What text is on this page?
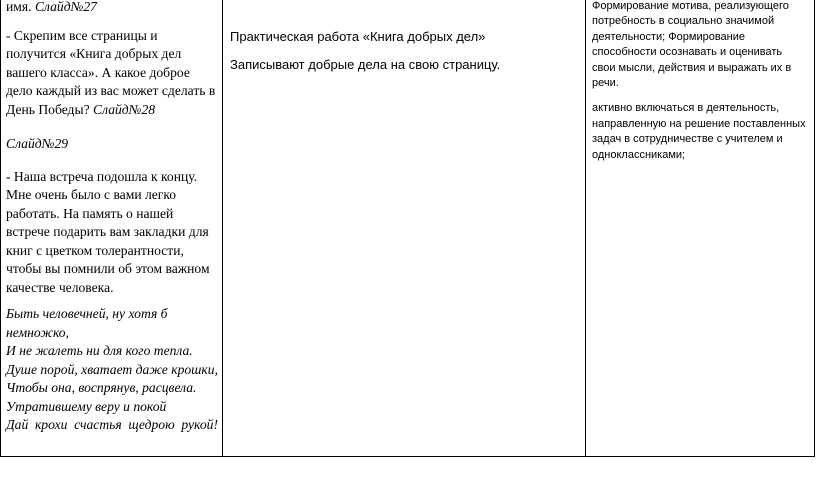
имя. Слайд№27

- Скрепим все страницы и получится «Книга добрых дел вашего класса». А какое доброе дело каждый из вас может сделать в День Победы? Слайд№28

Слайд№29

- Наша встреча подошла к концу. Мне очень было с вами легко работать. На память о нашей встрече подарить вам закладки для книг с цветком толерантности, чтобы вы помнили об этом важном качестве человека.

Быть человечней, ну хотя б

немножко,

И не жалеть ни для кого тепла.

Душе порой, хватает даже крошки,

Чтобы она, воспрянув, расцвела.

Утратившему веру и покой

Дай крохи счастья щедрою рукой!

Практическая работа «Книга добрых дел»

Записывают добрые дела на свою страницу.

Формирование мотива, реализующего потребность в социально значимой деятельности; Формирование способности осознавать и оценивать свои мысли, действия и выражать их в речи.

активно включаться в деятельность, направленную на решение поставленных задач в сотрудничестве с учителем и одноклассниками;
